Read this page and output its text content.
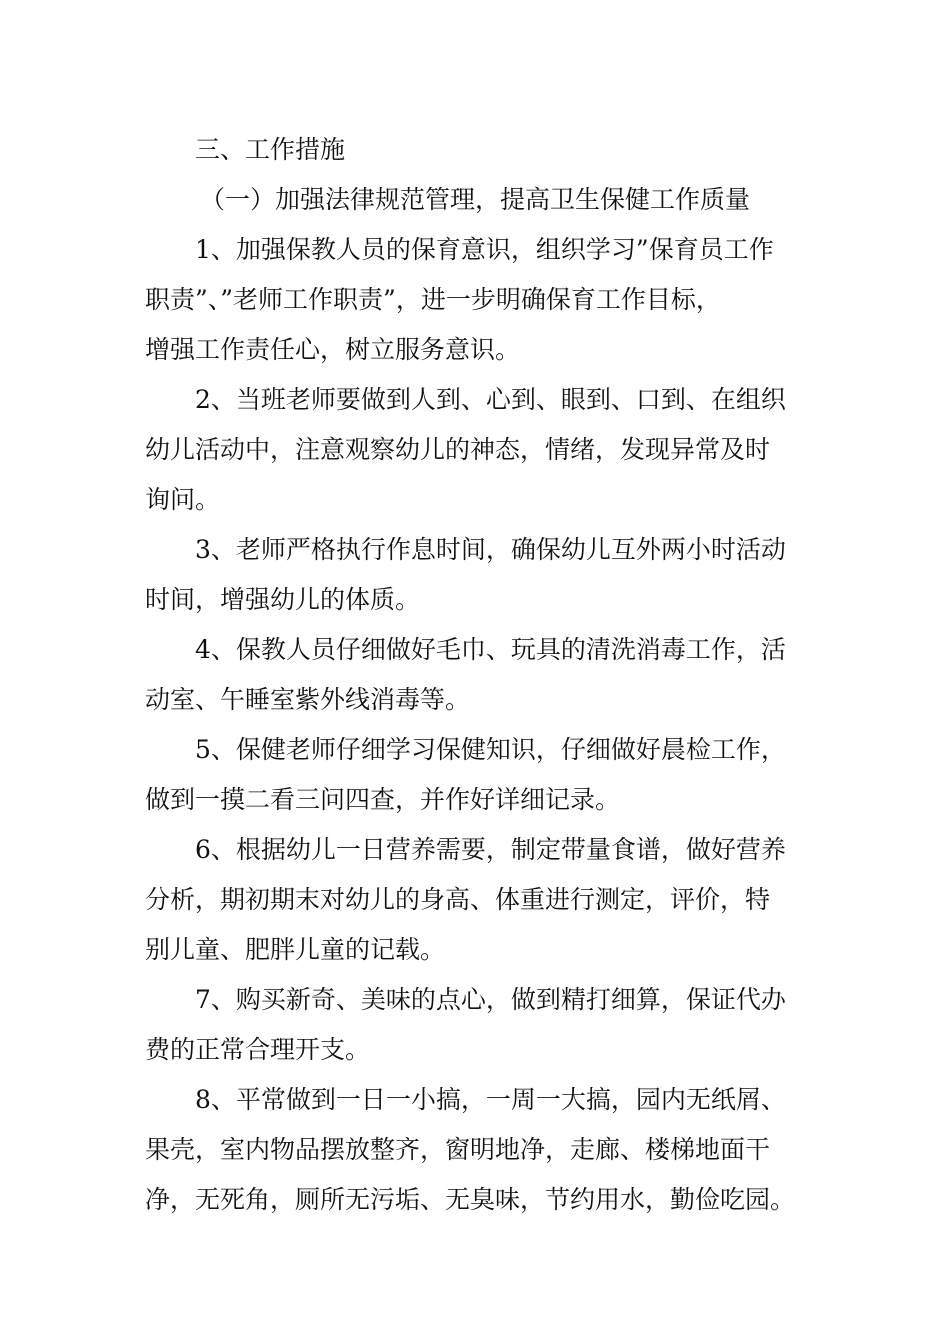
三、工作措施

（一）加强法律规范管理，提高卫生保健工作质量

1、加强保教人员的保育意识，组织学习”保育员工作
职责”、”老师工作职责”，进一步明确保育工作目标，
增强工作责任心，树立服务意识。

2、当班老师要做到人到、心到、眼到、口到、在组织
幼儿活动中，注意观察幼儿的神态，情绪，发现异常及时
询问。

3、老师严格执行作息时间，确保幼儿互外两小时活动
时间，增强幼儿的体质。

4、保教人员仔细做好毛巾、玩具的清洗消毒工作，活
动室、午睡室紫外线消毒等。

5、保健老师仔细学习保健知识，仔细做好晨检工作，
做到一摸二看三问四查，并作好详细记录。

6、根据幼儿一日营养需要，制定带量食谱，做好营养
分析，期初期末对幼儿的身高、体重进行测定，评价，特
别儿童、肥胖儿童的记载。

7、购买新奇、美味的点心，做到精打细算，保证代办
费的正常合理开支。

8、平常做到一日一小搞，一周一大搞，园内无纸屑、
果壳，室内物品摆放整齐，窗明地净，走廊、楼梯地面干
净，无死角，厕所无污垢、无臭味，节约用水，勤俭吃园。
